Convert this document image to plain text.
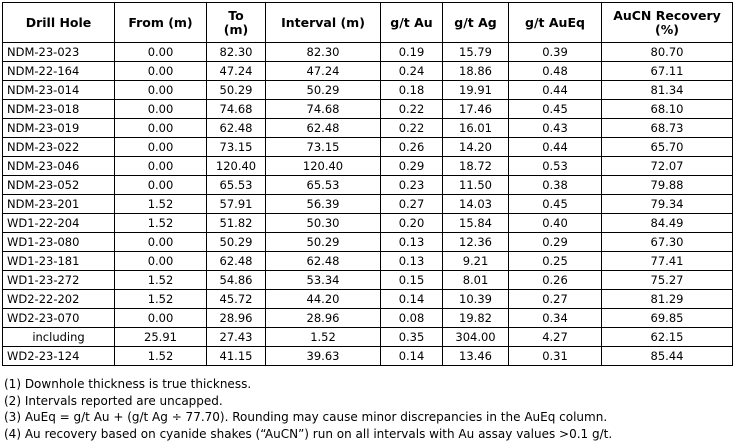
Drill Hole	From (m)	To (m)	Interval (m)	g/t Au	g/t Ag	g/t AuEq	AuCN Recovery (%)
NDM-23-023	0.00	82.30	82.30	0.19	15.79	0.39	80.70
NDM-22-164	0.00	47.24	47.24	0.24	18.86	0.48	67.11
NDM-23-014	0.00	50.29	50.29	0.18	19.91	0.44	81.34
NDM-23-018	0.00	74.68	74.68	0.22	17.46	0.45	68.10
NDM-23-019	0.00	62.48	62.48	0.22	16.01	0.43	68.73
NDM-23-022	0.00	73.15	73.15	0.26	14.20	0.44	65.70
NDM-23-046	0.00	120.40	120.40	0.29	18.72	0.53	72.07
NDM-23-052	0.00	65.53	65.53	0.23	11.50	0.38	79.88
NDM-23-201	1.52	57.91	56.39	0.27	14.03	0.45	79.34
WD1-22-204	1.52	51.82	50.30	0.20	15.84	0.40	84.49
WD1-23-080	0.00	50.29	50.29	0.13	12.36	0.29	67.30
WD1-23-181	0.00	62.48	62.48	0.13	9.21	0.25	77.41
WD1-23-272	1.52	54.86	53.34	0.15	8.01	0.26	75.27
WD2-22-202	1.52	45.72	44.20	0.14	10.39	0.27	81.29
WD2-23-070	0.00	28.96	28.96	0.08	19.82	0.34	69.85
including	25.91	27.43	1.52	0.35	304.00	4.27	62.15
WD2-23-124	1.52	41.15	39.63	0.14	13.46	0.31	85.44
(1) Downhole thickness is true thickness.
(2) Intervals reported are uncapped.
(3) AuEq = g/t Au + (g/t Ag ÷ 77.70). Rounding may cause minor discrepancies in the AuEq column.
(4) Au recovery based on cyanide shakes (“AuCN”) run on all intervals with Au assay values >0.1 g/t.
